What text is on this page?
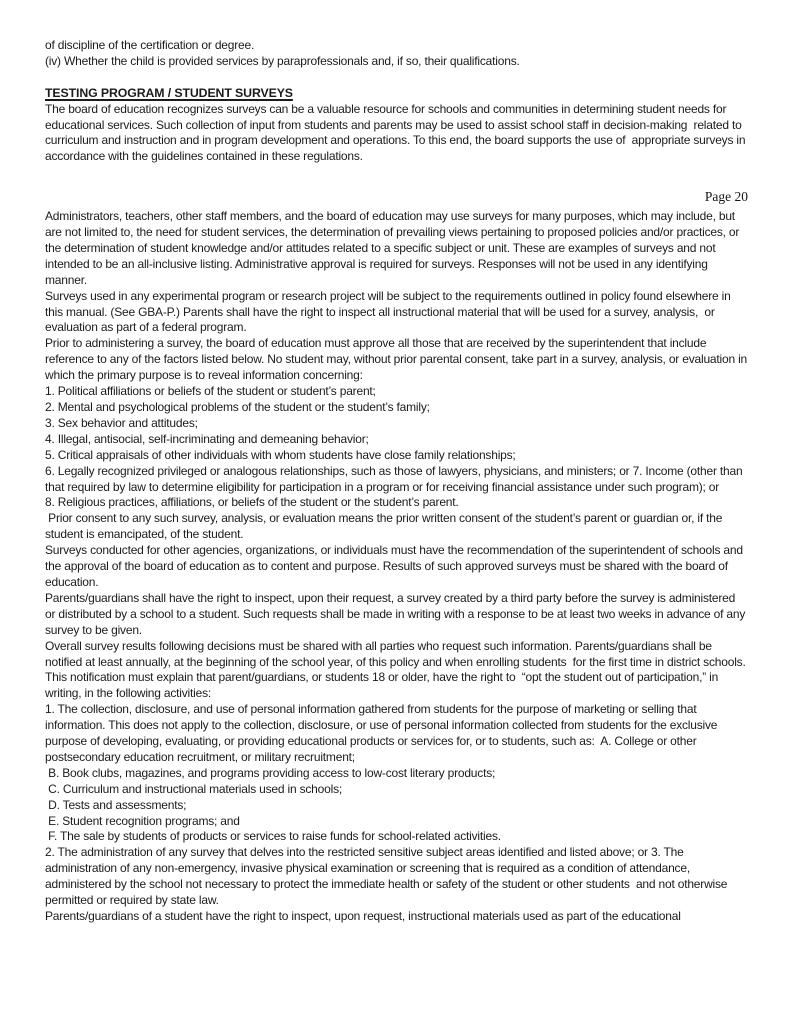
of discipline of the certification or degree.

(iv) Whether the child is provided services by paraprofessionals and, if so, their qualifications.

TESTING PROGRAM / STUDENT SURVEYS

The board of education recognizes surveys can be a valuable resource for schools and communities in determining student needs for educational services. Such collection of input from students and parents may be used to assist school staff in decision-making  related to curriculum and instruction and in program development and operations. To this end, the board supports the use of  appropriate surveys in accordance with the guidelines contained in these regulations.

Page 20

Administrators, teachers, other staff members, and the board of education may use surveys for many purposes, which may include, but are not limited to, the need for student services, the determination of prevailing views pertaining to proposed policies and/or practices, or the determination of student knowledge and/or attitudes related to a specific subject or unit. These are examples of surveys and not intended to be an all-inclusive listing. Administrative approval is required for surveys. Responses will not be used in any identifying manner.

Surveys used in any experimental program or research project will be subject to the requirements outlined in policy found elsewhere in this manual. (See GBA-P.) Parents shall have the right to inspect all instructional material that will be used for a survey, analysis,  or evaluation as part of a federal program.

Prior to administering a survey, the board of education must approve all those that are received by the superintendent that include reference to any of the factors listed below. No student may, without prior parental consent, take part in a survey, analysis, or evaluation in which the primary purpose is to reveal information concerning:

1. Political affiliations or beliefs of the student or student’s parent;

2. Mental and psychological problems of the student or the student’s family;

3. Sex behavior and attitudes;

4. Illegal, antisocial, self-incriminating and demeaning behavior;

5. Critical appraisals of other individuals with whom students have close family relationships;

6. Legally recognized privileged or analogous relationships, such as those of lawyers, physicians, and ministers; or 7. Income (other than that required by law to determine eligibility for participation in a program or for receiving financial assistance under such program); or

8. Religious practices, affiliations, or beliefs of the student or the student’s parent.

Prior consent to any such survey, analysis, or evaluation means the prior written consent of the student’s parent or guardian or, if the student is emancipated, of the student.

Surveys conducted for other agencies, organizations, or individuals must have the recommendation of the superintendent of schools and the approval of the board of education as to content and purpose. Results of such approved surveys must be shared with the board of education.

Parents/guardians shall have the right to inspect, upon their request, a survey created by a third party before the survey is administered or distributed by a school to a student. Such requests shall be made in writing with a response to be at least two weeks in advance of any survey to be given.

Overall survey results following decisions must be shared with all parties who request such information. Parents/guardians shall be notified at least annually, at the beginning of the school year, of this policy and when enrolling students  for the first time in district schools. This notification must explain that parent/guardians, or students 18 or older, have the right to  “opt the student out of participation,” in writing, in the following activities:

1. The collection, disclosure, and use of personal information gathered from students for the purpose of marketing or selling that information. This does not apply to the collection, disclosure, or use of personal information collected from students for the exclusive purpose of developing, evaluating, or providing educational products or services for, or to students, such as:  A. College or other postsecondary education recruitment, or military recruitment;

B. Book clubs, magazines, and programs providing access to low-cost literary products;

C. Curriculum and instructional materials used in schools;

D. Tests and assessments;

E. Student recognition programs; and

F. The sale by students of products or services to raise funds for school-related activities.

2. The administration of any survey that delves into the restricted sensitive subject areas identified and listed above; or 3. The administration of any non-emergency, invasive physical examination or screening that is required as a condition of attendance, administered by the school not necessary to protect the immediate health or safety of the student or other students  and not otherwise permitted or required by state law.

Parents/guardians of a student have the right to inspect, upon request, instructional materials used as part of the educational
